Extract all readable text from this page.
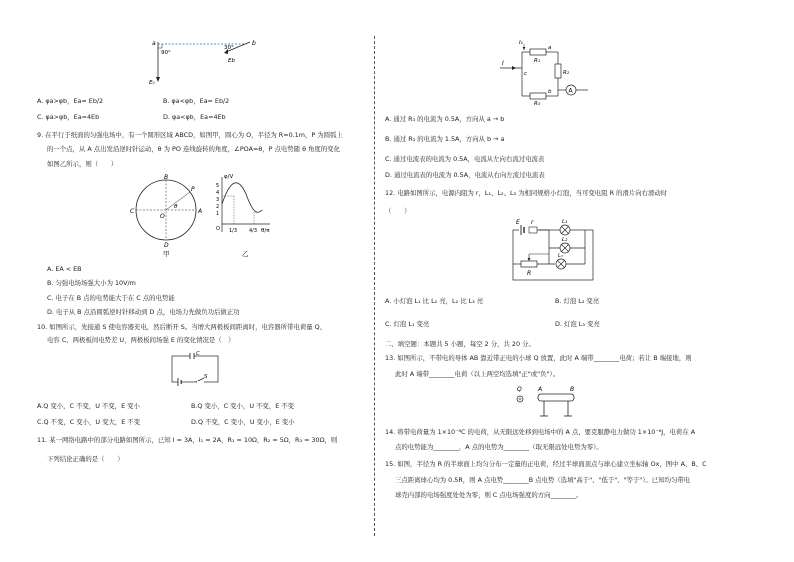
a
90°
E₀
30°
b
Eb
A. φa>φb，Ea= Eb/2	B. φa<φb，Ea= Eb/2
C. φa>φb，Ea=4Eb	D. φa<φb，Ea=4Eb
9. 在平行于纸面的匀强电场中，有一个圆形区域 ABCD，如图甲，圆心为 O，半径为 R=0.1m，P 为圆弧上
的一个点，从 A 点出发沿逆时针运动，θ 为 PO 连线旋转的角度，∠POA=θ，P 点电势随 θ 角度的变化
如图乙所示，则（　　）
B
C
D
A
O
P
θ
甲
φ/V
5
4
3
2
1
O 1/3 4/3 θ/π
乙
A. EA < EB
B. 匀强电场场强大小为 10V/m
C. 电子在 B 点的电势能大于在 C 点的电势能
D. 电子从 B 点沿圆弧逆时针移动到 D 点，电场力先做负功后做正功
10. 如图所示，先接通 S 使电容器充电，然后断开 S。当增大两极板间距离时，电容器所带电荷量 Q、
电容 C、两极板间电势差 U，两极板间场强 E 的变化情况是（　）
C
S
A.Q 变小，C 不变，U 不变，E 变小	B.Q 变小，C 变小，U 不变，E 不变
C.Q 不变，C 变小，U 变大，E 不变	D.Q 不变，C 变小，U 变小，E 变小
11. 某一网络电路中的部分电路如图所示，已知 I = 3A，I₁ = 2A，R₁ = 10Ω，R₂ = 5Ω，R₃ = 30Ω，则
下列结论正确的是（　　）
I
I₁
R₁
a
R₂
c
R₃
b	A
A. 通过 R₃ 的电流为 0.5A，方向从 a → b
B. 通过 R₃ 的电流为 1.5A，方向从 b → a
C. 通过电流表的电流为 0.5A，电流从左向右流过电流表
D. 通过电流表的电流为 0.5A，电流从右向左流过电流表
12. 电路如图所示，电源内阻为 r，L₁、L₂、L₃ 为相同规格小灯泡，当可变电阻 R 的滑片向右滑动时
（　　）
E r	L₁
L₂
L₃
R
A. 小灯泡 L₁ 比 L₂ 亮，L₂ 比 L₃ 亮	B. 灯泡 L₂ 变亮
C. 灯泡 L₁ 变亮	D. 灯泡 L₃ 变亮
二、填空题：本题共 5 小题，每空 2 分，共 20 分。
13. 如图所示，不带电的导体 AB 靠近带正电的小球 Q 放置，此时 A 端带________电荷；若让 B 端接地，则
此时 A 端带________电荷（以上两空均选填"正"或"负"）。
Q	A	B
14. 将带电荷量为 1×10⁻⁸C 的电荷，从无限远处移到电场中的 A 点，要克服静电力做功 1×10⁻⁶J，电荷在 A
点的电势能为________，A 点的电势为________（取无限远处电势为零）。
15. 如图，半径为 R 的半球面上均匀分布一定量的正电荷，经过半球面顶点与球心建立坐标轴 Ox，图中 A、B、C
三点距离球心均为 0.5R，则 A 点电势________B 点电势（选填"高于"、"低于"、"等于"）。已知均匀带电
球壳内部的电场强度处处为零，则 C 点电场强度的方向________。
